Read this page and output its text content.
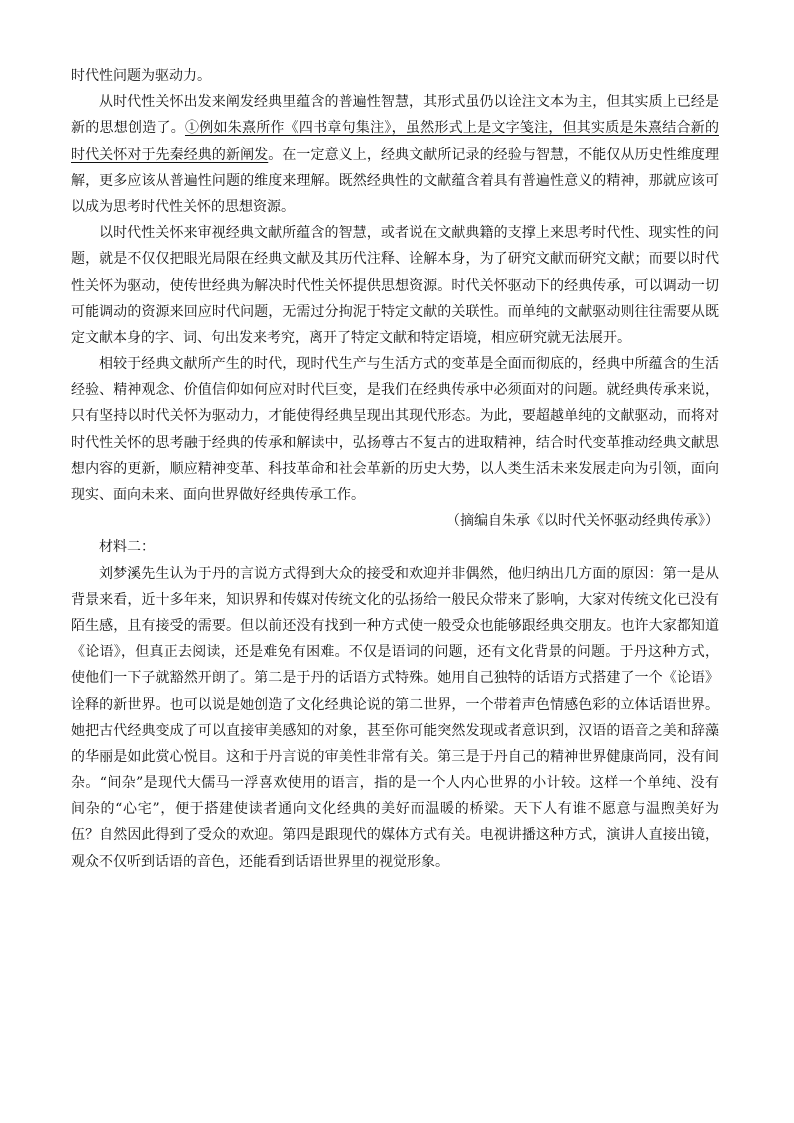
时代性问题为驱动力。
从时代性关怀出发来阐发经典里蕴含的普遍性智慧，其形式虽仍以诠注文本为主，但其实质上已经是
新的思想创造了。①例如朱熹所作《四书章句集注》，虽然形式上是文字笺注，但其实质是朱熹结合新的
时代关怀对于先秦经典的新阐发。在一定意义上，经典文献所记录的经验与智慧，不能仅从历史性维度理
解，更多应该从普遍性问题的维度来理解。既然经典性的文献蕴含着具有普遍性意义的精神，那就应该可
以成为思考时代性关怀的思想资源。
以时代性关怀来审视经典文献所蕴含的智慧，或者说在文献典籍的支撑上来思考时代性、现实性的问
题，就是不仅仅把眼光局限在经典文献及其历代注释、诠解本身，为了研究文献而研究文献；而要以时代
性关怀为驱动，使传世经典为解决时代性关怀提供思想资源。时代关怀驱动下的经典传承，可以调动一切
可能调动的资源来回应时代问题，无需过分拘泥于特定文献的关联性。而单纯的文献驱动则往往需要从既
定文献本身的字、词、句出发来考究，离开了特定文献和特定语境，相应研究就无法展开。
相较于经典文献所产生的时代，现时代生产与生活方式的变革是全面而彻底的，经典中所蕴含的生活
经验、精神观念、价值信仰如何应对时代巨变，是我们在经典传承中必须面对的问题。就经典传承来说，
只有坚持以时代关怀为驱动力，才能使得经典呈现出其现代形态。为此，要超越单纯的文献驱动，而将对
时代性关怀的思考融于经典的传承和解读中，弘扬尊古不复古的进取精神，结合时代变革推动经典文献思
想内容的更新，顺应精神变革、科技革命和社会革新的历史大势，以人类生活未来发展走向为引领，面向
现实、面向未来、面向世界做好经典传承工作。
（摘编自朱承《以时代关怀驱动经典传承》）
材料二：
刘梦溪先生认为于丹的言说方式得到大众的接受和欢迎并非偶然，他归纳出几方面的原因：第一是从
背景来看，近十多年来，知识界和传媒对传统文化的弘扬给一般民众带来了影响，大家对传统文化已没有
陌生感，且有接受的需要。但以前还没有找到一种方式使一般受众也能够跟经典交朋友。也许大家都知道
《论语》，但真正去阅读，还是难免有困难。不仅是语词的问题，还有文化背景的问题。于丹这种方式，
使他们一下子就豁然开朗了。第二是于丹的话语方式特殊。她用自己独特的话语方式搭建了一个《论语》
诠释的新世界。也可以说是她创造了文化经典论说的第二世界，一个带着声色情感色彩的立体话语世界。
她把古代经典变成了可以直接审美感知的对象，甚至你可能突然发现或者意识到，汉语的语音之美和辞藻
的华丽是如此赏心悦目。这和于丹言说的审美性非常有关。第三是于丹自己的精神世界健康尚同，没有间
杂。“间杂”是现代大儒马一浮喜欢使用的语言，指的是一个人内心世界的小计较。这样一个单纯、没有
间杂的“心宅”，便于搭建使读者通向文化经典的美好而温暖的桥梁。天下人有谁不愿意与温煦美好为
伍？自然因此得到了受众的欢迎。第四是跟现代的媒体方式有关。电视讲播这种方式，演讲人直接出镜，
观众不仅听到话语的音色，还能看到话语世界里的视觉形象。
